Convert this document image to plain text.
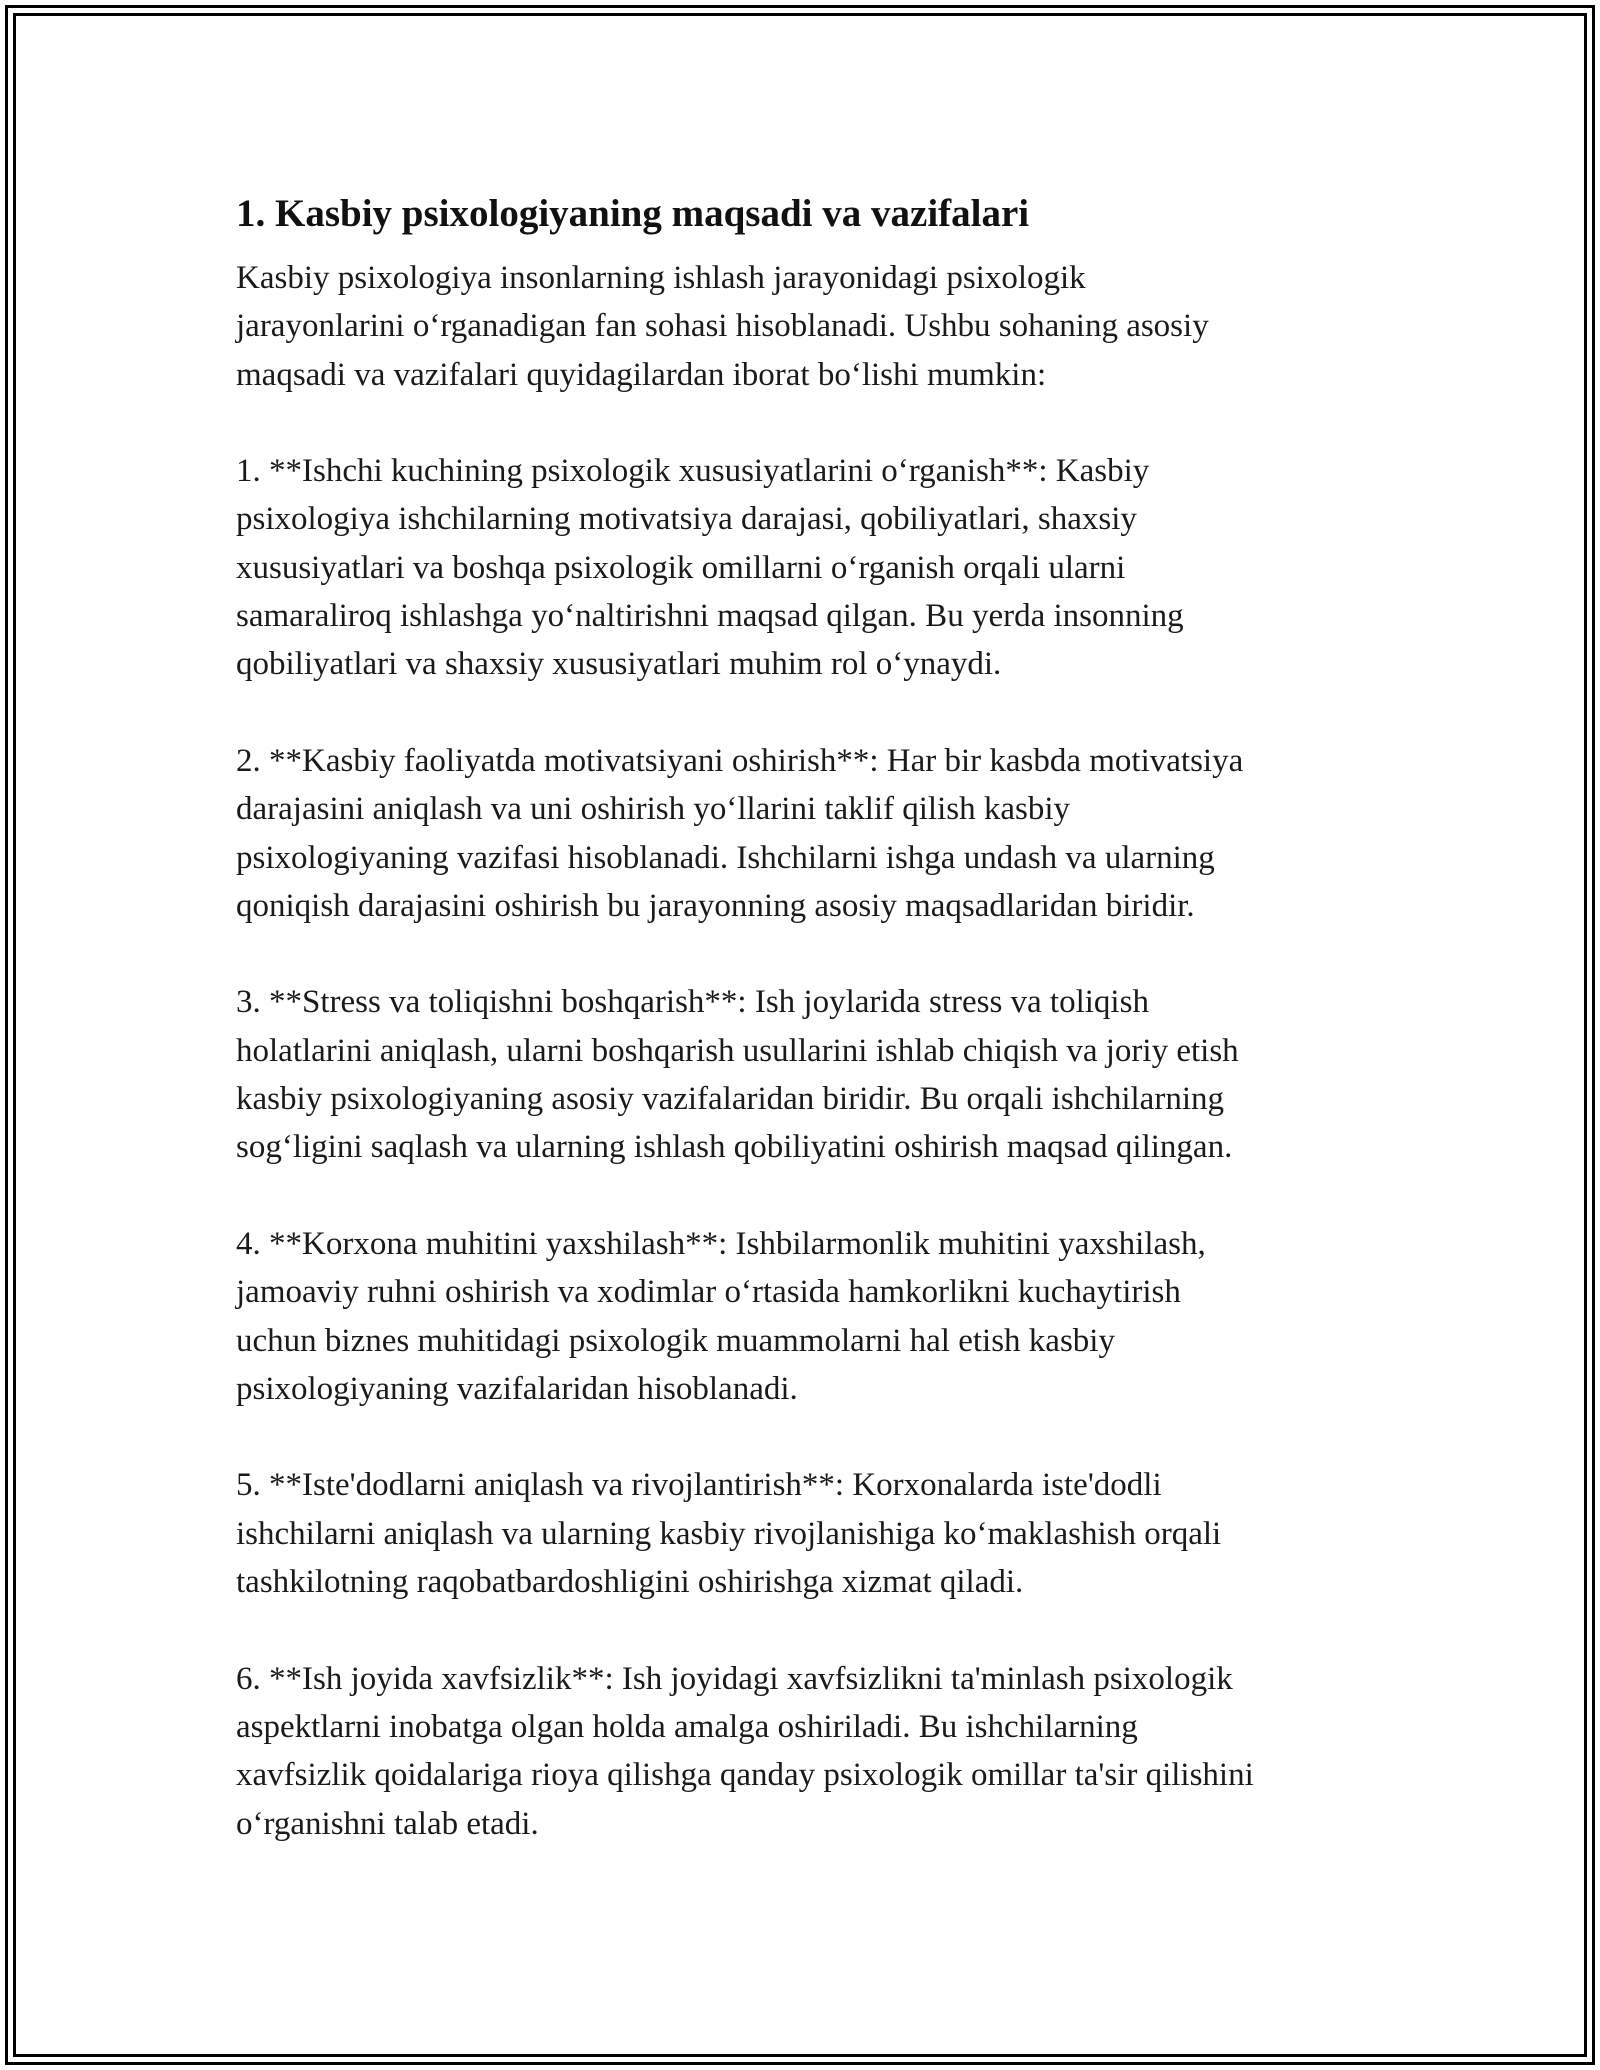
1. Kasbiy psixologiyaning maqsadi va vazifalari
Kasbiy psixologiya insonlarning ishlash jarayonidagi psixologik
jarayonlarini o‘rganadigan fan sohasi hisoblanadi. Ushbu sohaning asosiy
maqsadi va vazifalari quyidagilardan iborat bo‘lishi mumkin:
1. **Ishchi kuchining psixologik xususiyatlarini o‘rganish**: Kasbiy
psixologiya ishchilarning motivatsiya darajasi, qobiliyatlari, shaxsiy
xususiyatlari va boshqa psixologik omillarni o‘rganish orqali ularni
samaraliroq ishlashga yo‘naltirishni maqsad qilgan. Bu yerda insonning
qobiliyatlari va shaxsiy xususiyatlari muhim rol o‘ynaydi.
2. **Kasbiy faoliyatda motivatsiyani oshirish**: Har bir kasbda motivatsiya
darajasini aniqlash va uni oshirish yo‘llarini taklif qilish kasbiy
psixologiyaning vazifasi hisoblanadi. Ishchilarni ishga undash va ularning
qoniqish darajasini oshirish bu jarayonning asosiy maqsadlaridan biridir.
3. **Stress va toliqishni boshqarish**: Ish joylarida stress va toliqish
holatlarini aniqlash, ularni boshqarish usullarini ishlab chiqish va joriy etish
kasbiy psixologiyaning asosiy vazifalaridan biridir. Bu orqali ishchilarning
sog‘ligini saqlash va ularning ishlash qobiliyatini oshirish maqsad qilingan.
4. **Korxona muhitini yaxshilash**: Ishbilarmonlik muhitini yaxshilash,
jamoaviy ruhni oshirish va xodimlar o‘rtasida hamkorlikni kuchaytirish
uchun biznes muhitidagi psixologik muammolarni hal etish kasbiy
psixologiyaning vazifalaridan hisoblanadi.
5. **Iste'dodlarni aniqlash va rivojlantirish**: Korxonalarda iste'dodli
ishchilarni aniqlash va ularning kasbiy rivojlanishiga ko‘maklashish orqali
tashkilotning raqobatbardoshligini oshirishga xizmat qiladi.
6. **Ish joyida xavfsizlik**: Ish joyidagi xavfsizlikni ta'minlash psixologik
aspektlarni inobatga olgan holda amalga oshiriladi. Bu ishchilarning
xavfsizlik qoidalariga rioya qilishga qanday psixologik omillar ta'sir qilishini
o‘rganishni talab etadi.
